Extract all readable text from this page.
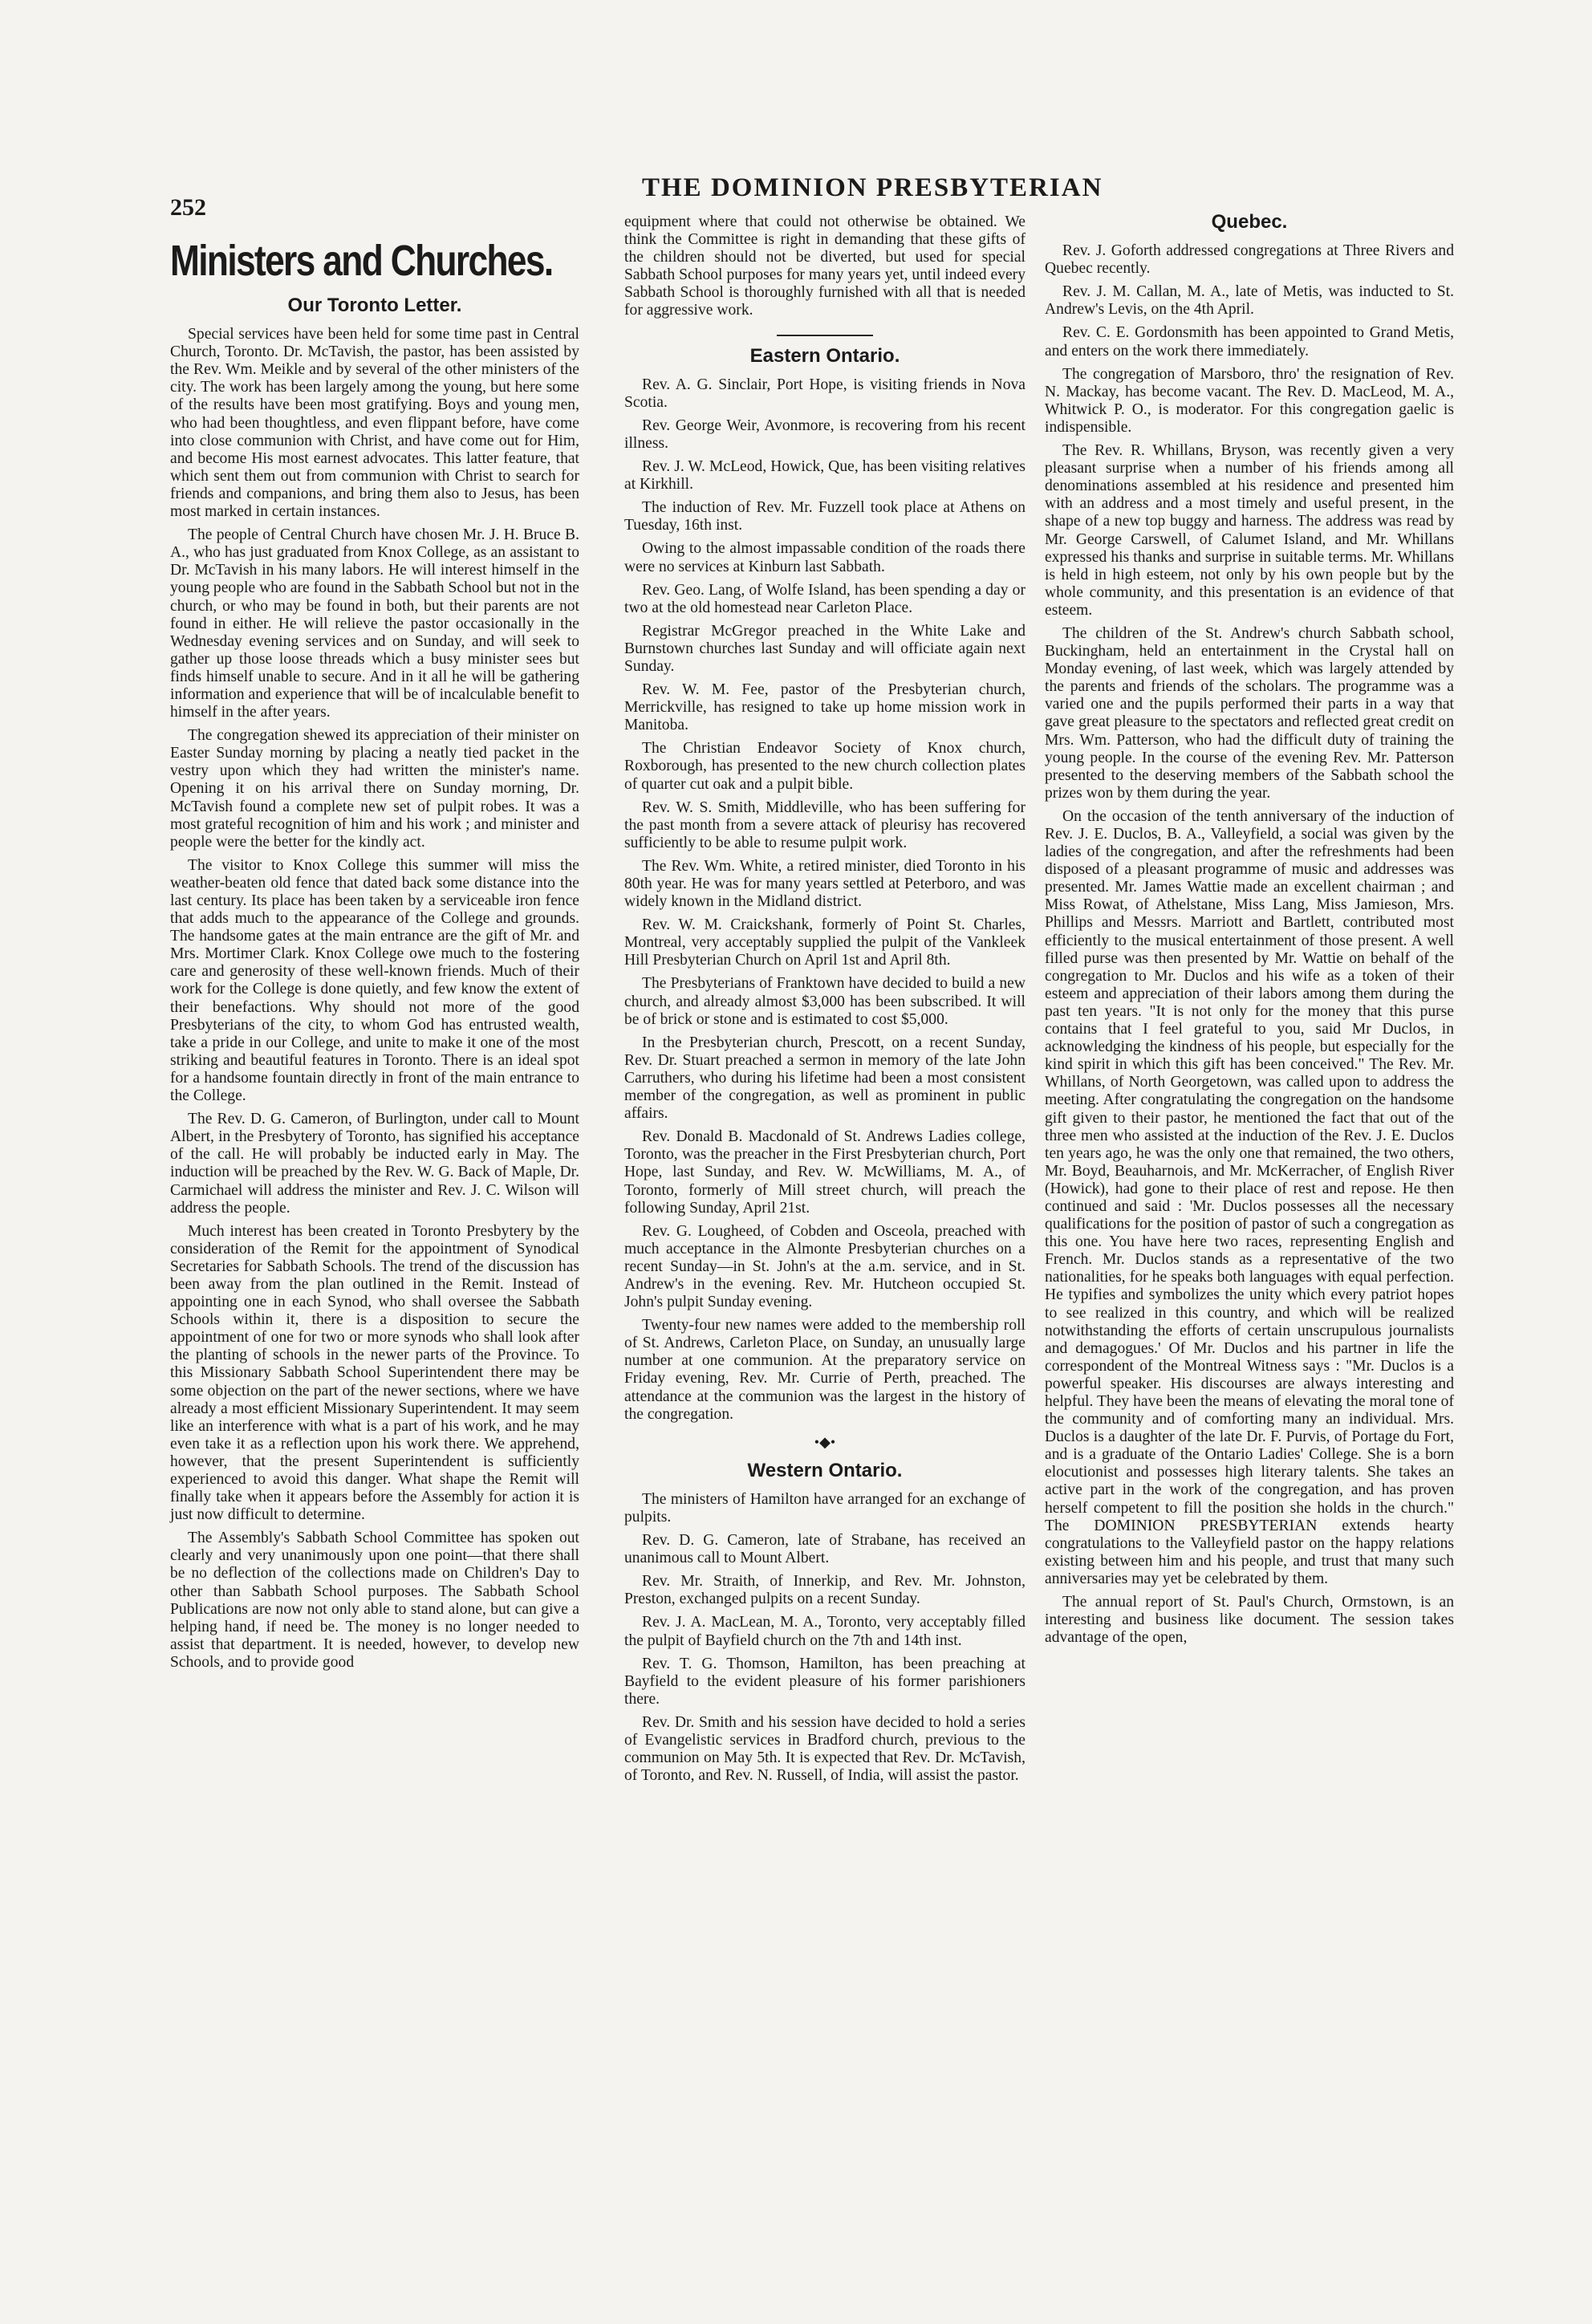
252
THE DOMINION PRESBYTERIAN
Ministers and Churches.
Our Toronto Letter.

Special services have been held for some time past in Central Church, Toronto. Dr. McTavish, the pastor, has been assisted by the Rev. Wm. Meikle and by several of the other ministers of the city. The work has been largely among the young, but here some of the results have been most gratifying. Boys and young men, who had been thoughtless, and even flippant before, have come into close communion with Christ, and have come out for Him, and become His most earnest advocates. This latter feature, that which sent them out from communion with Christ to search for friends and companions, and bring them also to Jesus, has been most marked in certain instances.

The people of Central Church have chosen Mr. J. H. Bruce B. A., who has just graduated from Knox College, as an assistant to Dr. McTavish in his many labors. He will interest himself in the young people who are found in the Sabbath School but not in the church, or who may be found in both, but their parents are not found in either. He will relieve the pastor occasionally in the Wednesday evening services and on Sunday, and will seek to gather up those loose threads which a busy minister sees but finds himself unable to secure. And in it all he will be gathering information and experience that will be of incalculable benefit to himself in the after years.

The congregation shewed its appreciation of their minister on Easter Sunday morning by placing a neatly tied packet in the vestry upon which they had written the minister's name. Opening it on his arrival there on Sunday morning, Dr. McTavish found a complete new set of pulpit robes. It was a most grateful recognition of him and his work ; and minister and people were the better for the kindly act.

The visitor to Knox College this summer will miss the weather-beaten old fence that dated back some distance into the last century. Its place has been taken by a serviceable iron fence that adds much to the appearance of the College and grounds. The handsome gates at the main entrance are the gift of Mr. and Mrs. Mortimer Clark. Knox College owe much to the fostering care and generosity of these well-known friends. Much of their work for the College is done quietly, and few know the extent of their benefactions. Why should not more of the good Presbyterians of the city, to whom God has entrusted wealth, take a pride in our College, and unite to make it one of the most striking and beautiful features in Toronto. There is an ideal spot for a handsome fountain directly in front of the main entrance to the College.

The Rev. D. G. Cameron, of Burlington, under call to Mount Albert, in the Presbytery of Toronto, has signified his acceptance of the call. He will probably be inducted early in May. The induction will be preached by the Rev. W. G. Back of Maple, Dr. Carmichael will address the minister and Rev. J. C. Wilson will address the people.

Much interest has been created in Toronto Presbytery by the consideration of the Remit for the appointment of Synodical Secretaries for Sabbath Schools. The trend of the discussion has been away from the plan outlined in the Remit. Instead of appointing one in each Synod, who shall oversee the Sabbath Schools within it, there is a disposition to secure the appointment of one for two or more synods who shall look after the planting of schools in the newer parts of the Province. To this Missionary Sabbath School Superintendent there may be some objection on the part of the newer sections, where we have already a most efficient Missionary Superintendent. It may seem like an interference with what is a part of his work, and he may even take it as a reflection upon his work there. We apprehend, however, that the present Superintendent is sufficiently experienced to avoid this danger. What shape the Remit will finally take when it appears before the Assembly for action it is just now difficult to determine.

The Assembly's Sabbath School Committee has spoken out clearly and very unanimously upon one point—that there shall be no deflection of the collections made on Children's Day to other than Sabbath School purposes. The Sabbath School Publications are now not only able to stand alone, but can give a helping hand, if need be. The money is no longer needed to assist that department. It is needed, however, to develop new Schools, and to provide good

equipment where that could not otherwise be obtained. We think the Committee is right in demanding that these gifts of the children should not be diverted, but used for special Sabbath School purposes for many years yet, until indeed every Sabbath School is thoroughly furnished with all that is needed for aggressive work.

Eastern Ontario.

Rev. A. G. Sinclair, Port Hope, is visiting friends in Nova Scotia.

Rev. George Weir, Avonmore, is recovering from his recent illness.

Rev. J. W. McLeod, Howick, Que, has been visiting relatives at Kirkhill.

The induction of Rev. Mr. Fuzzell took place at Athens on Tuesday, 16th inst.

Owing to the almost impassable condition of the roads there were no services at Kinburn last Sabbath.

Rev. Geo. Lang, of Wolfe Island, has been spending a day or two at the old homestead near Carleton Place.

Registrar McGregor preached in the White Lake and Burnstown churches last Sunday and will officiate again next Sunday.

Rev. W. M. Fee, pastor of the Presbyterian church, Merrickville, has resigned to take up home mission work in Manitoba.

The Christian Endeavor Society of Knox church, Roxborough, has presented to the new church collection plates of quarter cut oak and a pulpit bible.

Rev. W. S. Smith, Middleville, who has been suffering for the past month from a severe attack of pleurisy has recovered sufficiently to be able to resume pulpit work.

The Rev. Wm. White, a retired minister, died Toronto in his 80th year. He was for many years settled at Peterboro, and was widely known in the Midland district.

Rev. W. M. Craickshank, formerly of Point St. Charles, Montreal, very acceptably supplied the pulpit of the Vankleek Hill Presbyterian Church on April 1st and April 8th.

The Presbyterians of Franktown have decided to build a new church, and already almost $3,000 has been subscribed. It will be of brick or stone and is estimated to cost $5,000.

In the Presbyterian church, Prescott, on a recent Sunday, Rev. Dr. Stuart preached a sermon in memory of the late John Carruthers, who during his lifetime had been a most consistent member of the congregation, as well as prominent in public affairs.

Rev. Donald B. Macdonald of St. Andrews Ladies college, Toronto, was the preacher in the First Presbyterian church, Port Hope, last Sunday, and Rev. W. McWilliams, M. A., of Toronto, formerly of Mill street church, will preach the following Sunday, April 21st.

Rev. G. Lougheed, of Cobden and Osceola, preached with much acceptance in the Almonte Presbyterian churches on a recent Sunday—in St. John's at the a.m. service, and in St. Andrew's in the evening. Rev. Mr. Hutcheon occupied St. John's pulpit Sunday evening.

Twenty-four new names were added to the membership roll of St. Andrews, Carleton Place, on Sunday, an unusually large number at one communion. At the preparatory service on Friday evening, Rev. Mr. Currie of Perth, preached. The attendance at the communion was the largest in the history of the congregation.

•◆•
Western Ontario.

The ministers of Hamilton have arranged for an exchange of pulpits.

Rev. D. G. Cameron, late of Strabane, has received an unanimous call to Mount Albert.

Rev. Mr. Straith, of Innerkip, and Rev. Mr. Johnston, Preston, exchanged pulpits on a recent Sunday.

Rev. J. A. MacLean, M. A., Toronto, very acceptably filled the pulpit of Bayfield church on the 7th and 14th inst.

Rev. T. G. Thomson, Hamilton, has been preaching at Bayfield to the evident pleasure of his former parishioners there.

Rev. Dr. Smith and his session have decided to hold a series of Evangelistic services in Bradford church, previous to the communion on May 5th. It is expected that Rev. Dr. McTavish, of Toronto, and Rev. N. Russell, of India, will assist the pastor.

Quebec.

Rev. J. Goforth addressed congregations at Three Rivers and Quebec recently.

Rev. J. M. Callan, M. A., late of Metis, was inducted to St. Andrew's Levis, on the 4th April.

Rev. C. E. Gordonsmith has been appointed to Grand Metis, and enters on the work there immediately.

The congregation of Marsboro, thro' the resignation of Rev. N. Mackay, has become vacant. The Rev. D. MacLeod, M. A., Whitwick P. O., is moderator. For this congregation gaelic is indispensible.

The Rev. R. Whillans, Bryson, was recently given a very pleasant surprise when a number of his friends among all denominations assembled at his residence and presented him with an address and a most timely and useful present, in the shape of a new top buggy and harness. The address was read by Mr. George Carswell, of Calumet Island, and Mr. Whillans expressed his thanks and surprise in suitable terms. Mr. Whillans is held in high esteem, not only by his own people but by the whole community, and this presentation is an evidence of that esteem.

The children of the St. Andrew's church Sabbath school, Buckingham, held an entertainment in the Crystal hall on Monday evening, of last week, which was largely attended by the parents and friends of the scholars. The programme was a varied one and the pupils performed their parts in a way that gave great pleasure to the spectators and reflected great credit on Mrs. Wm. Patterson, who had the difficult duty of training the young people. In the course of the evening Rev. Mr. Patterson presented to the deserving members of the Sabbath school the prizes won by them during the year.

On the occasion of the tenth anniversary of the induction of Rev. J. E. Duclos, B. A., Valleyfield, a social was given by the ladies of the congregation, and after the refreshments had been disposed of a pleasant programme of music and addresses was presented. Mr. James Wattie made an excellent chairman ; and Miss Rowat, of Athelstane, Miss Lang, Miss Jamieson, Mrs. Phillips and Messrs. Marriott and Bartlett, contributed most efficiently to the musical entertainment of those present. A well filled purse was then presented by Mr. Wattie on behalf of the congregation to Mr. Duclos and his wife as a token of their esteem and appreciation of their labors among them during the past ten years. "It is not only for the money that this purse contains that I feel grateful to you, said Mr Duclos, in acknowledging the kindness of his people, but especially for the kind spirit in which this gift has been conceived." The Rev. Mr. Whillans, of North Georgetown, was called upon to address the meeting. After congratulating the congregation on the handsome gift given to their pastor, he mentioned the fact that out of the three men who assisted at the induction of the Rev. J. E. Duclos ten years ago, he was the only one that remained, the two others, Mr. Boyd, Beauharnois, and Mr. McKerracher, of English River (Howick), had gone to their place of rest and repose. He then continued and said : 'Mr. Duclos possesses all the necessary qualifications for the position of pastor of such a congregation as this one. You have here two races, representing English and French. Mr. Duclos stands as a representative of the two nationalities, for he speaks both languages with equal perfection. He typifies and symbolizes the unity which every patriot hopes to see realized in this country, and which will be realized notwithstanding the efforts of certain unscrupulous journalists and demagogues.' Of Mr. Duclos and his partner in life the correspondent of the Montreal Witness says : "Mr. Duclos is a powerful speaker. His discourses are always interesting and helpful. They have been the means of elevating the moral tone of the community and of comforting many an individual. Mrs. Duclos is a daughter of the late Dr. F. Purvis, of Portage du Fort, and is a graduate of the Ontario Ladies' College. She is a born elocutionist and possesses high literary talents. She takes an active part in the work of the congregation, and has proven herself competent to fill the position she holds in the church." The DOMINION PRESBYTERIAN extends hearty congratulations to the Valleyfield pastor on the happy relations existing between him and his people, and trust that many such anniversaries may yet be celebrated by them.

The annual report of St. Paul's Church, Ormstown, is an interesting and business like document. The session takes advantage of the open,
